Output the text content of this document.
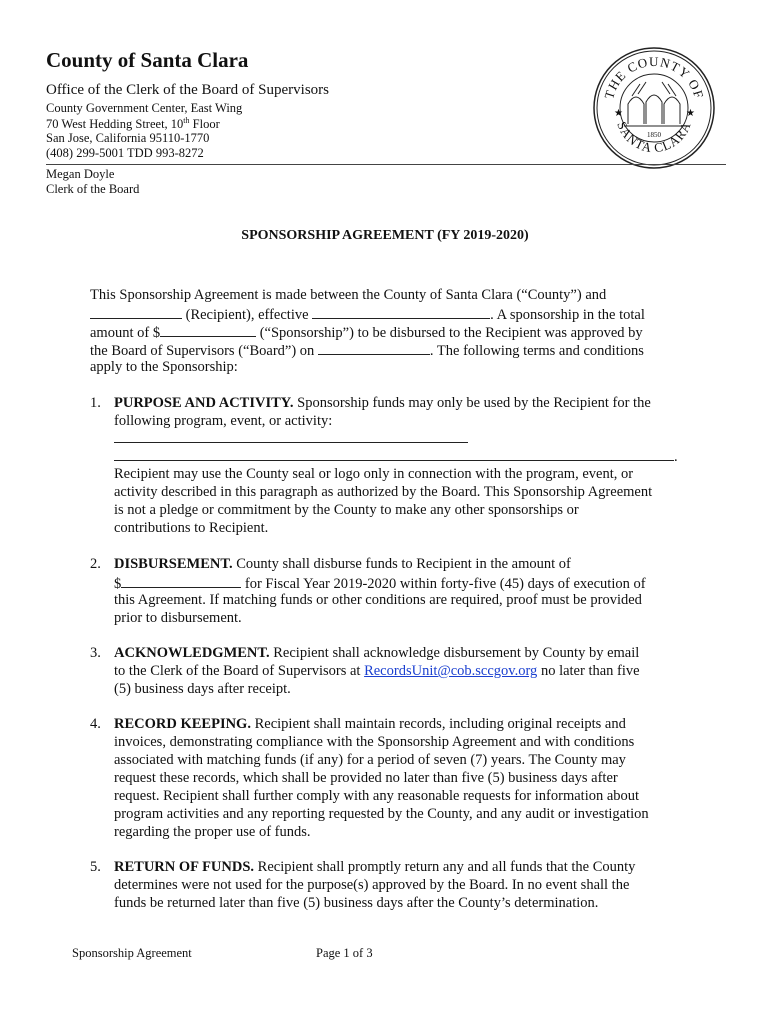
County of Santa Clara
Office of the Clerk of the Board of Supervisors
County Government Center, East Wing
70 West Hedding Street, 10th Floor
San Jose, California 95110-1770
(408) 299-5001 TDD 993-8272
THE COUNTY OF
SANTA CLARA
★	★
1850
Megan Doyle
Clerk of the Board
SPONSORSHIP AGREEMENT (FY 2019-2020)
This Sponsorship Agreement is made between the County of Santa Clara (“County”) and
(Recipient), effective	. A sponsorship in the total
amount of $	(“Sponsorship”) to be disbursed to the Recipient was approved by
the Board of Supervisors (“Board”) on	. The following terms and conditions
apply to the Sponsorship:
1. PURPOSE AND ACTIVITY. Sponsorship funds may only be used by the Recipient for the
following program, event, or activity:
.
Recipient may use the County seal or logo only in connection with the program, event, or
activity described in this paragraph as authorized by the Board. This Sponsorship Agreement
is not a pledge or commitment by the County to make any other sponsorships or
contributions to Recipient.
2. DISBURSEMENT. County shall disburse funds to Recipient in the amount of
$	for Fiscal Year 2019-2020 within forty-five (45) days of execution of
this Agreement. If matching funds or other conditions are required, proof must be provided
prior to disbursement.
3. ACKNOWLEDGMENT. Recipient shall acknowledge disbursement by County by email
to the Clerk of the Board of Supervisors at RecordsUnit@cob.sccgov.org no later than five
(5) business days after receipt.
4. RECORD KEEPING. Recipient shall maintain records, including original receipts and
invoices, demonstrating compliance with the Sponsorship Agreement and with conditions
associated with matching funds (if any) for a period of seven (7) years. The County may
request these records, which shall be provided no later than five (5) business days after
request. Recipient shall further comply with any reasonable requests for information about
program activities and any reporting requested by the County, and any audit or investigation
regarding the proper use of funds.
5. RETURN OF FUNDS. Recipient shall promptly return any and all funds that the County
determines were not used for the purpose(s) approved by the Board. In no event shall the
funds be returned later than five (5) business days after the County’s determination.
Sponsorship Agreement	Page 1 of 3
